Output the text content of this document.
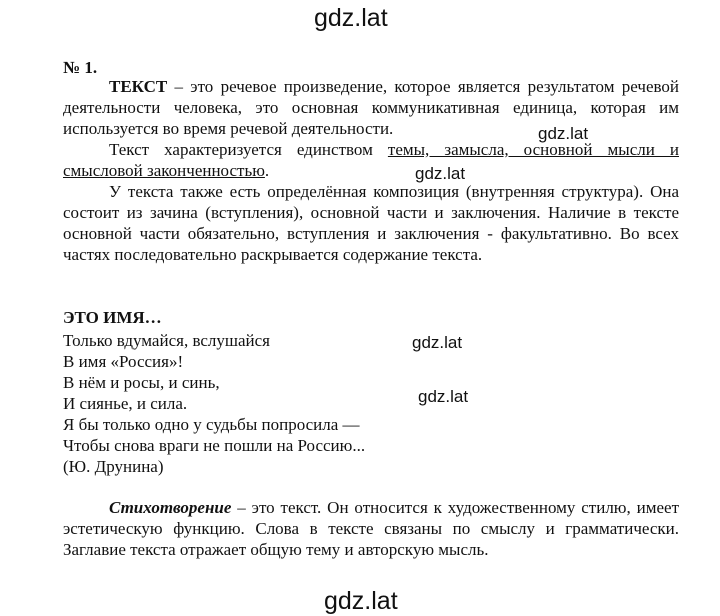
gdz.lat
№ 1.

ТЕКСТ – это речевое произведение, которое является результатом речевой деятельности человека, это основная коммуникативная единица, которая им используется во время речевой деятельности.

Текст характеризуется единством темы, замысла, основной мысли и смысловой законченностью.

У текста также есть определённая композиция (внутренняя структура). Она состоит из зачина (вступления), основной части и заключения. Наличие в тексте основной части обязательно, вступления и заключения - факультативно. Во всех частях последовательно раскрывается содержание текста.

gdz.lat
gdz.lat
ЭТО ИМЯ…
Только вдумайся, вслушайся
В имя «Россия»!
В нём и росы, и синь,
И сиянье, и сила.
Я бы только одно у судьбы попросила —
Чтобы снова враги не пошли на Россию...
(Ю. Друнина)
gdz.lat
gdz.lat

Стихотворение – это текст. Он относится к художественному стилю, имеет эстетическую функцию. Слова в тексте связаны по смыслу и грамматически. Заглавие текста отражает общую тему и авторскую мысль.

gdz.lat
